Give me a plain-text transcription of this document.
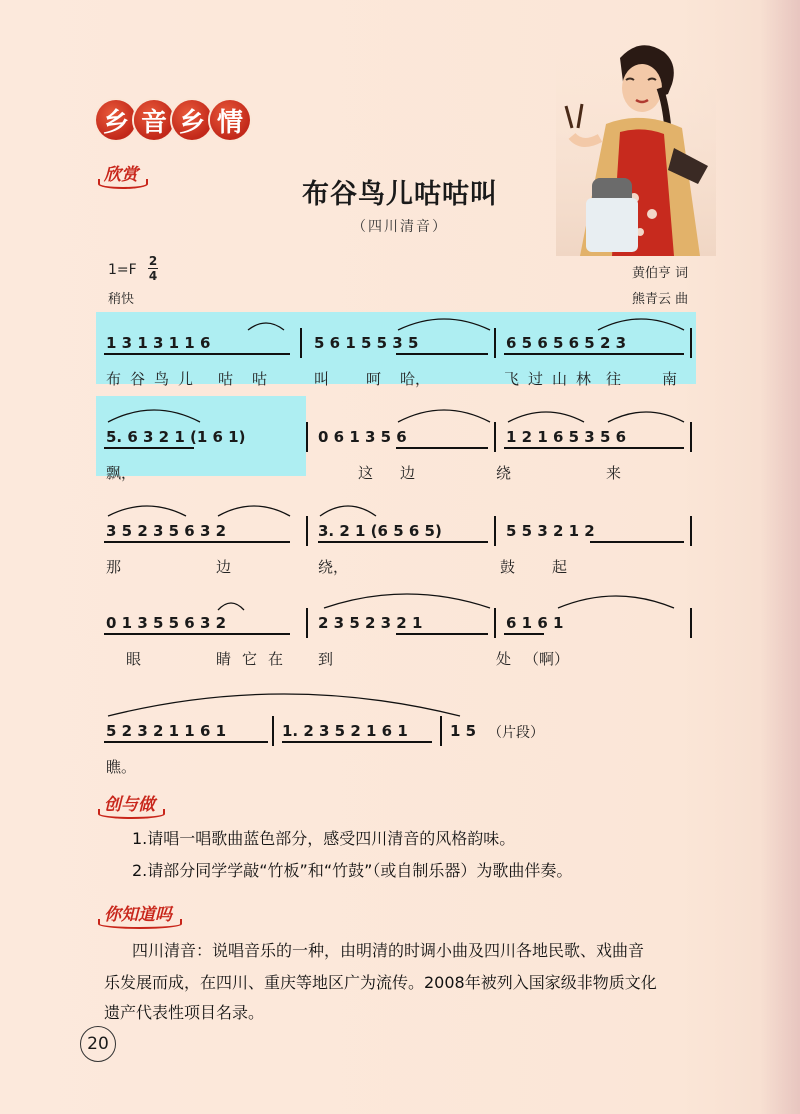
乡 音 乡 情
欣赏
布谷鸟儿咕咕叫
（四川清音）
1=F
2
4
稍快
黄伯亨 词
熊青云 曲
1 3 1 3 1 1 6	5 6 1 5 5 3 5	6 5 6 5 6 5 2 3
布 谷 鸟 儿 咕 咕	叫 呵 哈，	飞 过 山 林 往	南
5. 6 3 2 1 (1 6 1)	0 6 1 3 5 6	1 2 1 6 5 3 5 6
飘，	这 边	绕	来
3 5 2 3 5 6 3 2	3. 2 1 (6 5 6 5)	5 5 3 2 1 2
那	边	绕，	鼓 起
0 1 3 5 5 6 3 2	2 3 5 2 3 2 1	6 1 6 1
眼	睛 它 在 到	处 （啊）
5 2 3 2 1 1 6 1	1. 2 3 5 2 1 6 1	1 5 （片段）
瞧。
创与做
1.请唱一唱歌曲蓝色部分，感受四川清音的风格韵味。
2.请部分同学学敲“竹板”和“竹鼓”（或自制乐器）为歌曲伴奏。
你知道吗
四川清音：说唱音乐的一种，由明清的时调小曲及四川各地民歌、戏曲音
乐发展而成，在四川、重庆等地区广为流传。2008年被列入国家级非物质文化
遗产代表性项目名录。
20
